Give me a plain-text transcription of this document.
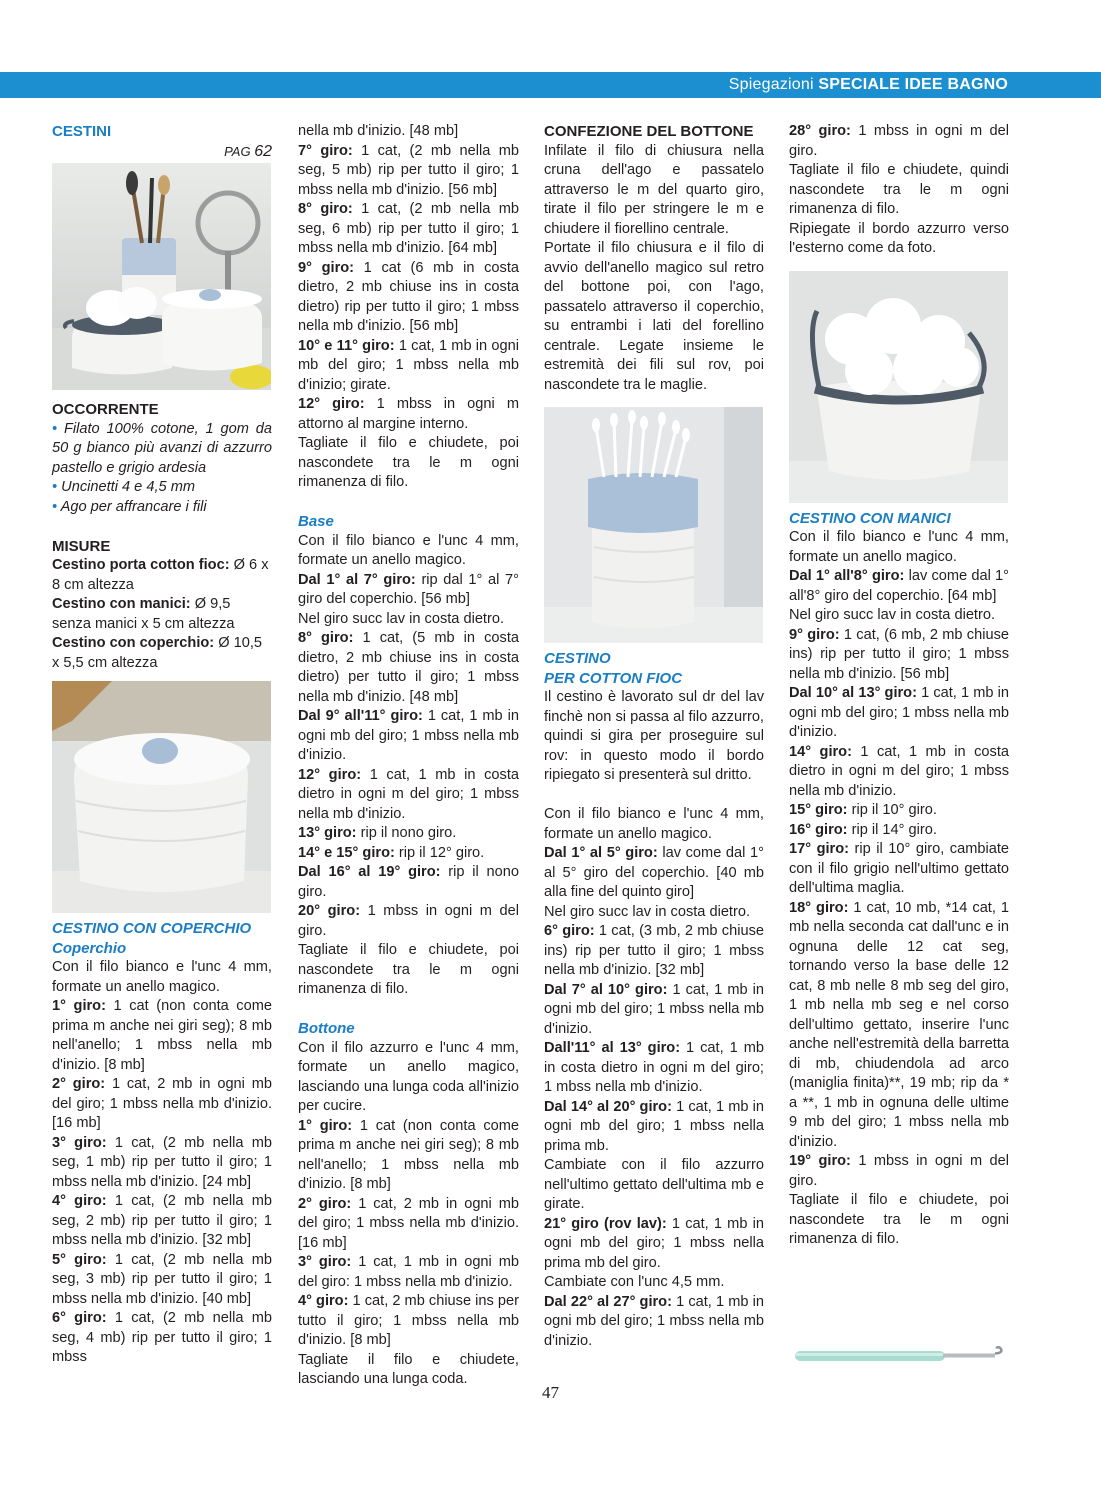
Spiegazioni SPECIALE IDEE BAGNO

CESTINI

PAG 62

OCCORRENTE

• Filato 100% cotone, 1 gom da 50 g bianco più avanzi di azzurro pastello e grigio ardesia

• Uncinetti 4 e 4,5 mm

• Ago per affrancare i fili

MISURE

Cestino porta cotton fioc: Ø 6 x 8 cm altezza

Cestino con manici: Ø 9,5 senza manici x 5 cm altezza

Cestino con coperchio: Ø 10,5 x 5,5 cm altezza

CESTINO CON COPERCHIO

Coperchio

Con il filo bianco e l'unc 4 mm, formate un anello magico.

1° giro: 1 cat (non conta come prima m anche nei giri seg); 8 mb nell'anello; 1 mbss nella mb d'inizio. [8 mb]

2° giro: 1 cat, 2 mb in ogni mb del giro; 1 mbss nella mb d'inizio. [16 mb]

3° giro: 1 cat, (2 mb nella mb seg, 1 mb) rip per tutto il giro; 1 mbss nella mb d'inizio. [24 mb]

4° giro: 1 cat, (2 mb nella mb seg, 2 mb) rip per tutto il giro; 1 mbss nella mb d'inizio. [32 mb]

5° giro: 1 cat, (2 mb nella mb seg, 3 mb) rip per tutto il giro; 1 mbss nella mb d'inizio. [40 mb]

6° giro: 1 cat, (2 mb nella mb seg, 4 mb) rip per tutto il giro; 1 mbss

nella mb d'inizio. [48 mb]

7° giro: 1 cat, (2 mb nella mb seg, 5 mb) rip per tutto il giro; 1 mbss nella mb d'inizio. [56 mb]

8° giro: 1 cat, (2 mb nella mb seg, 6 mb) rip per tutto il giro; 1 mbss nella mb d'inizio. [64 mb]

9° giro: 1 cat (6 mb in costa dietro, 2 mb chiuse ins in costa dietro) rip per tutto il giro; 1 mbss nella mb d'inizio. [56 mb]

10° e 11° giro: 1 cat, 1 mb in ogni mb del giro; 1 mbss nella mb d'inizio; girate.

12° giro: 1 mbss in ogni m attorno al margine interno.

Tagliate il filo e chiudete, poi nascondete tra le m ogni rimanenza di filo.

Base

Con il filo bianco e l'unc 4 mm, formate un anello magico.

Dal 1° al 7° giro: rip dal 1° al 7° giro del coperchio. [56 mb]

Nel giro succ lav in costa dietro.

8° giro: 1 cat, (5 mb in costa dietro, 2 mb chiuse ins in costa dietro) per tutto il giro; 1 mbss nella mb d'inizio. [48 mb]

Dal 9° all'11° giro: 1 cat, 1 mb in ogni mb del giro; 1 mbss nella mb d'inizio.

12° giro: 1 cat, 1 mb in costa dietro in ogni m del giro; 1 mbss nella mb d'inizio.

13° giro: rip il nono giro.

14° e 15° giro: rip il 12° giro.

Dal 16° al 19° giro: rip il nono giro.

20° giro: 1 mbss in ogni m del giro.

Tagliate il filo e chiudete, poi nascondete tra le m ogni rimanenza di filo.

Bottone

Con il filo azzurro e l'unc 4 mm, formate un anello magico, lasciando una lunga coda all'inizio per cucire.

1° giro: 1 cat (non conta come prima m anche nei giri seg); 8 mb nell'anello; 1 mbss nella mb d'inizio. [8 mb]

2° giro: 1 cat, 2 mb in ogni mb del giro; 1 mbss nella mb d'inizio. [16 mb]

3° giro: 1 cat, 1 mb in ogni mb del giro: 1 mbss nella mb d'inizio.

4° giro: 1 cat, 2 mb chiuse ins per tutto il giro; 1 mbss nella mb d'inizio. [8 mb]

Tagliate il filo e chiudete, lasciando una lunga coda.

CONFEZIONE DEL BOTTONE

Infilate il filo di chiusura nella cruna dell'ago e passatelo attraverso le m del quarto giro, tirate il filo per stringere le m e chiudere il fiorellino centrale.

Portate il filo chiusura e il filo di avvio dell'anello magico sul retro del bottone poi, con l'ago, passatelo attraverso il coperchio, su entrambi i lati del forellino centrale. Legate insieme le estremità dei fili sul rov, poi nascondete tra le maglie.

CESTINO

PER COTTON FIOC

Il cestino è lavorato sul dr del lav finchè non si passa al filo azzurro, quindi si gira per proseguire sul rov: in questo modo il bordo ripiegato si presenterà sul dritto.

Con il filo bianco e l'unc 4 mm, formate un anello magico.

Dal 1° al 5° giro: lav come dal 1° al 5° giro del coperchio. [40 mb alla fine del quinto giro]

Nel giro succ lav in costa dietro.

6° giro: 1 cat, (3 mb, 2 mb chiuse ins) rip per tutto il giro; 1 mbss nella mb d'inizio. [32 mb]

Dal 7° al 10° giro: 1 cat, 1 mb in ogni mb del giro; 1 mbss nella mb d'inizio.

Dall'11° al 13° giro: 1 cat, 1 mb in costa dietro in ogni m del giro; 1 mbss nella mb d'inizio.

Dal 14° al 20° giro: 1 cat, 1 mb in ogni mb del giro; 1 mbss nella prima mb.

Cambiate con il filo azzurro nell'ultimo gettato dell'ultima mb e girate.

21° giro (rov lav): 1 cat, 1 mb in ogni mb del giro; 1 mbss nella prima mb del giro.

Cambiate con l'unc 4,5 mm.

Dal 22° al 27° giro: 1 cat, 1 mb in ogni mb del giro; 1 mbss nella mb d'inizio.

28° giro: 1 mbss in ogni m del giro.

Tagliate il filo e chiudete, quindi nascondete tra le m ogni rimanenza di filo.

Ripiegate il bordo azzurro verso l'esterno come da foto.

CESTINO CON MANICI

Con il filo bianco e l'unc 4 mm, formate un anello magico.

Dal 1° all'8° giro: lav come dal 1° all'8° giro del coperchio. [64 mb]

Nel giro succ lav in costa dietro.

9° giro: 1 cat, (6 mb, 2 mb chiuse ins) rip per tutto il giro; 1 mbss nella mb d'inizio. [56 mb]

Dal 10° al 13° giro: 1 cat, 1 mb in ogni mb del giro; 1 mbss nella mb d'inizio.

14° giro: 1 cat, 1 mb in costa dietro in ogni m del giro; 1 mbss nella mb d'inizio.

15° giro: rip il 10° giro.

16° giro: rip il 14° giro.

17° giro: rip il 10° giro, cambiate con il filo grigio nell'ultimo gettato dell'ultima maglia.

18° giro: 1 cat, 10 mb, *14 cat, 1 mb nella seconda cat dall'unc e in ognuna delle 12 cat seg, tornando verso la base delle 12 cat, 8 mb nelle 8 mb seg del giro, 1 mb nella mb seg e nel corso dell'ultimo gettato, inserire l'unc anche nell'estremità della barretta di mb, chiudendola ad arco (maniglia finita)**, 19 mb; rip da * a **, 1 mb in ognuna delle ultime 9 mb del giro; 1 mbss nella mb d'inizio.

19° giro: 1 mbss in ogni m del giro.

Tagliate il filo e chiudete, poi nascondete tra le m ogni rimanenza di filo.

47
